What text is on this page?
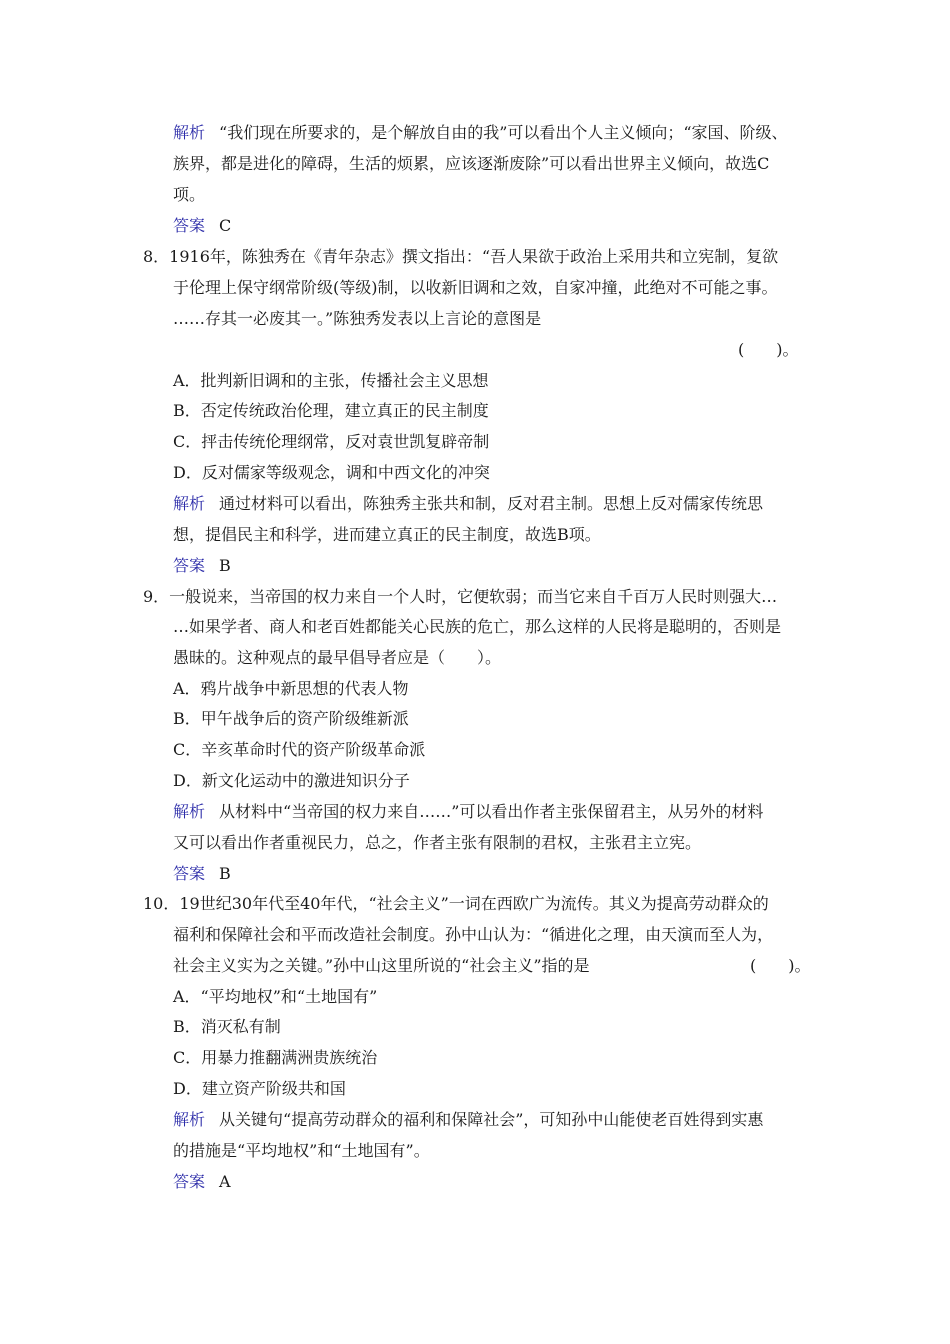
解析 “我们现在所要求的，是个解放自由的我”可以看出个人主义倾向；“家国、阶级、
族界，都是进化的障碍，生活的烦累，应该逐渐废除”可以看出世界主义倾向，故选C
项。
答案 C
8．1916年，陈独秀在《青年杂志》撰文指出：“吾人果欲于政治上采用共和立宪制，复欲
于伦理上保守纲常阶级(等级)制，以收新旧调和之效，自家冲撞，此绝对不可能之事。
……存其一必废其一。”陈独秀发表以上言论的意图是
(　　)。
A．批判新旧调和的主张，传播社会主义思想
B．否定传统政治伦理，建立真正的民主制度
C．抨击传统伦理纲常，反对袁世凯复辟帝制
D．反对儒家等级观念，调和中西文化的冲突
解析 通过材料可以看出，陈独秀主张共和制，反对君主制。思想上反对儒家传统思
想，提倡民主和科学，进而建立真正的民主制度，故选B项。
答案 B
9．一般说来，当帝国的权力来自一个人时，它便软弱；而当它来自千百万人民时则强大…
…如果学者、商人和老百姓都能关心民族的危亡，那么这样的人民将是聪明的，否则是
愚昧的。这种观点的最早倡导者应是（　　）。
A．鸦片战争中新思想的代表人物
B．甲午战争后的资产阶级维新派
C．辛亥革命时代的资产阶级革命派
D．新文化运动中的激进知识分子
解析 从材料中“当帝国的权力来自……”可以看出作者主张保留君主，从另外的材料
又可以看出作者重视民力，总之，作者主张有限制的君权，主张君主立宪。
答案 B
10．19世纪30年代至40年代，“社会主义”一词在西欧广为流传。其义为提高劳动群众的
福利和保障社会和平而改造社会制度。孙中山认为：“循进化之理，由天演而至人为，
社会主义实为之关键。”孙中山这里所说的“社会主义”指的是	(　　)。
A．“平均地权”和“土地国有”
B．消灭私有制
C．用暴力推翻满洲贵族统治
D．建立资产阶级共和国
解析 从关键句“提高劳动群众的福利和保障社会”，可知孙中山能使老百姓得到实惠
的措施是“平均地权”和“土地国有”。
答案 A
